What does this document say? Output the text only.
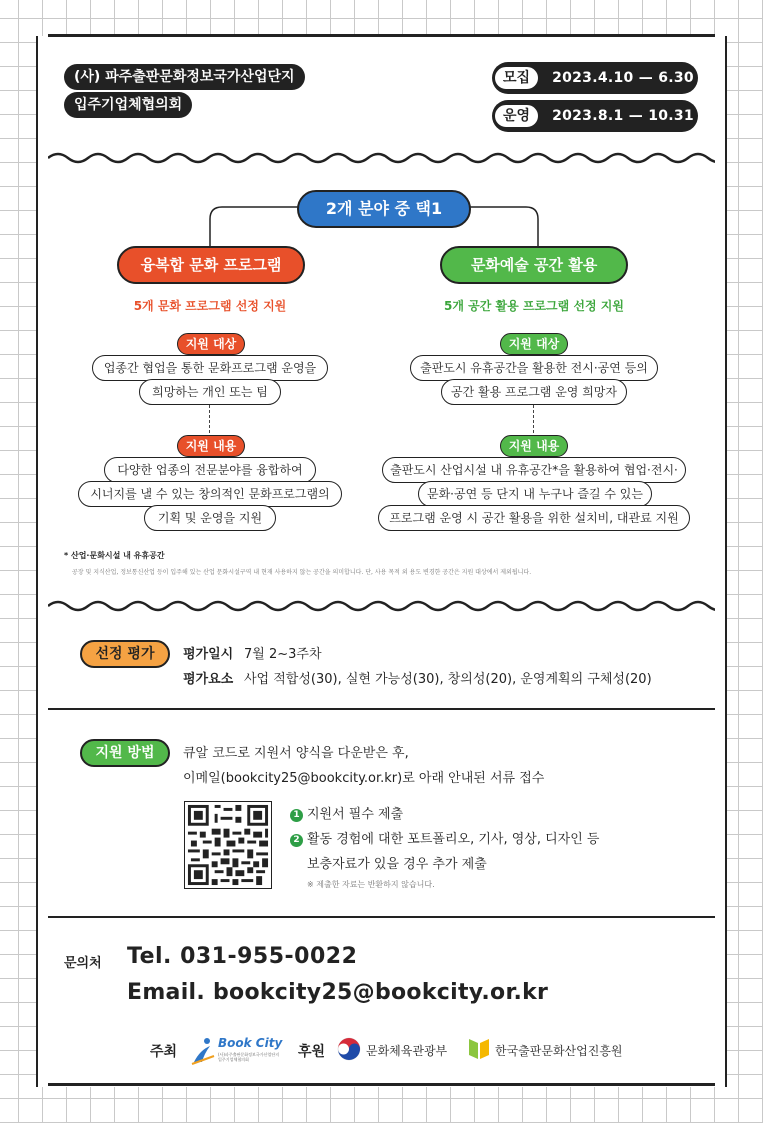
(사) 파주출판문화정보국가산업단지
입주기업체협의회
모집	2023.4.10 — 6.30
운영	2023.8.1 — 10.31
2개 분야 중 택1
융복합 문화 프로그램	문화예술 공간 활용
5개 문화 프로그램 선정 지원	5개 공간 활용 프로그램 선정 지원
지원 대상
업종간 협업을 통한 문화프로그램 운영을
희망하는 개인 또는 팀
지원 내용
다양한 업종의 전문분야를 융합하여
시너지를 낼 수 있는 창의적인 문화프로그램의
기획 및 운영을 지원
지원 대상
출판도시 유휴공간을 활용한 전시·공연 등의
공간 활용 프로그램 운영 희망자
지원 내용
출판도시 산업시설 내 유휴공간*을 활용하여 협업·전시·
문화·공연 등 단지 내 누구나 즐길 수 있는
프로그램 운영 시 공간 활용을 위한 설치비, 대관료 지원
* 산업·문화시설 내 유휴공간
공장 및 지식산업, 정보통신산업 등이 입주해 있는 산업 문화시설구역 내 현재 사용하지 않는 공간을 의미합니다. 단, 사용 목적 외 용도 변경한 공간은 지원 대상에서 제외됩니다.
선정 평가	평가일시 7월 2~3주차
평가요소 사업 적합성(30), 실현 가능성(30), 창의성(20), 운영계획의 구체성(20)
지원 방법	큐알 코드로 지원서 양식을 다운받은 후,
이메일(bookcity25@bookcity.or.kr)로 아래 안내된 서류 접수
1 지원서 필수 제출
2 활동 경험에 대한 포트폴리오, 기사, 영상, 디자인 등
보충자료가 있을 경우 추가 제출
※ 제출한 자료는 반환하지 않습니다.
문의처 Tel. 031-955-0022
Email. bookcity25@bookcity.or.kr
주최
Book City
(사)파주출판문화정보국가산업단지 입주기업체협의회	후원	문화체육관광부	한국출판문화산업진흥원
